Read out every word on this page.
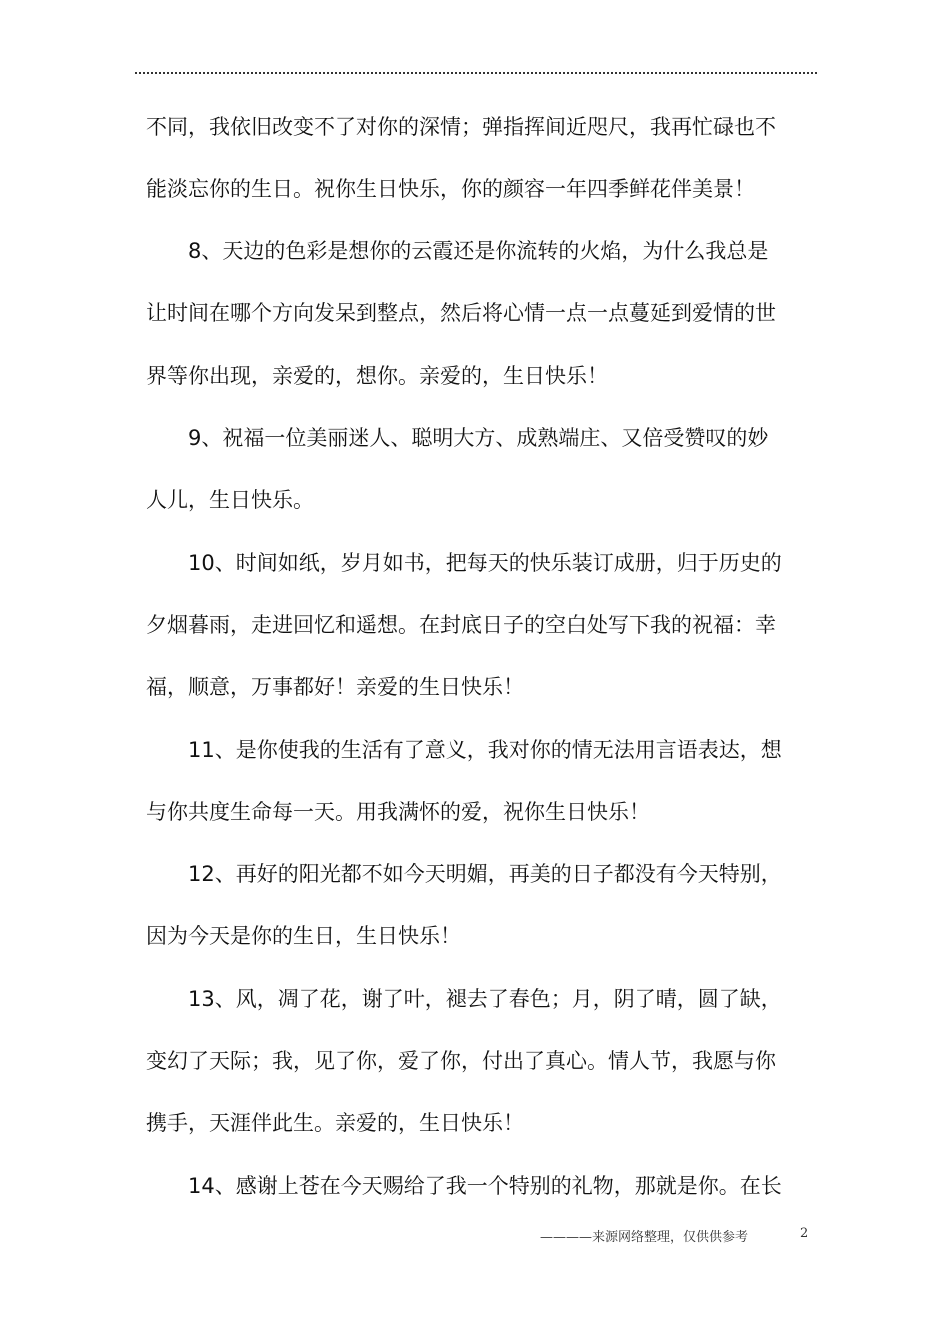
不同，我依旧改变不了对你的深情；弹指挥间近咫尺，我再忙碌也不

能淡忘你的生日。祝你生日快乐，你的颜容一年四季鲜花伴美景！

8、天边的色彩是想你的云霞还是你流转的火焰，为什么我总是

让时间在哪个方向发呆到整点，然后将心情一点一点蔓延到爱情的世

界等你出现，亲爱的，想你。亲爱的，生日快乐！

9、祝福一位美丽迷人、聪明大方、成熟端庄、又倍受赞叹的妙

人儿，生日快乐。

10、时间如纸，岁月如书，把每天的快乐装订成册，归于历史的

夕烟暮雨，走进回忆和遥想。在封底日子的空白处写下我的祝福：幸

福，顺意，万事都好！亲爱的生日快乐！

11、是你使我的生活有了意义，我对你的情无法用言语表达，想

与你共度生命每一天。用我满怀的爱，祝你生日快乐！

12、再好的阳光都不如今天明媚，再美的日子都没有今天特别，

因为今天是你的生日，生日快乐！

13、风，凋了花，谢了叶，褪去了春色；月，阴了晴，圆了缺，

变幻了天际；我，见了你，爱了你，付出了真心。情人节，我愿与你

携手，天涯伴此生。亲爱的，生日快乐！

14、感谢上苍在今天赐给了我一个特别的礼物，那就是你。在长

————来源网络整理，仅供供参考	2
